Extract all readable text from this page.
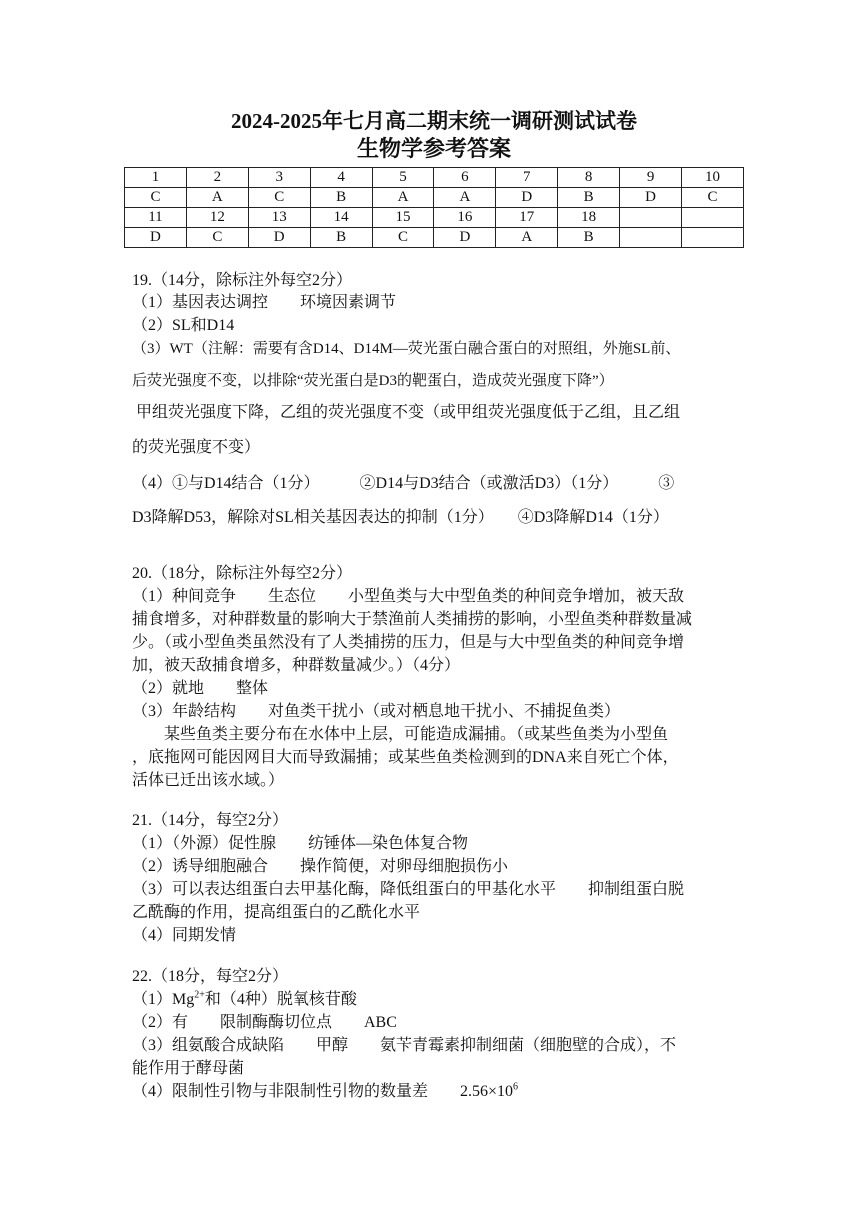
2024-2025年七月高二期末统一调研测试试卷
生物学参考答案
1	2	3	4	5	6	7	8	9	10
C	A	C	B	A	A	D	B	D	C
11	12	13	14	15	16	17	18		
D	C	D	B	C	D	A	B		
19.（14分，除标注外每空2分）
（1）基因表达调控　　环境因素调节
（2）SL和D14
（3）WT（注解：需要有含D14、D14M—荧光蛋白融合蛋白的对照组，外施SL前、
后荧光强度不变，以排除“荧光蛋白是D3的靶蛋白，造成荧光强度下降”）
甲组荧光强度下降，乙组的荧光强度不变（或甲组荧光强度低于乙组，且乙组
的荧光强度不变）
（4）①与D14结合（1分）　　　②D14与D3结合（或激活D3）（1分）　　　③
D3降解D53，解除对SL相关基因表达的抑制（1分）　　④D3降解D14（1分）
20.（18分，除标注外每空2分）
（1）种间竞争　　生态位　　小型鱼类与大中型鱼类的种间竞争增加，被天敌
捕食增多，对种群数量的影响大于禁渔前人类捕捞的影响，小型鱼类种群数量减
少。（或小型鱼类虽然没有了人类捕捞的压力，但是与大中型鱼类的种间竞争增
加，被天敌捕食增多，种群数量减少。）（4分）
（2）就地　　整体
（3）年龄结构　　对鱼类干扰小（或对栖息地干扰小、不捕捉鱼类）
　　某些鱼类主要分布在水体中上层，可能造成漏捕。（或某些鱼类为小型鱼
，底拖网可能因网目大而导致漏捕；或某些鱼类检测到的DNA来自死亡个体，
活体已迁出该水域。）
21.（14分，每空2分）
（1）（外源）促性腺　　纺锤体—染色体复合物
（2）诱导细胞融合　　操作简便，对卵母细胞损伤小
（3）可以表达组蛋白去甲基化酶，降低组蛋白的甲基化水平　　抑制组蛋白脱
乙酰酶的作用，提高组蛋白的乙酰化水平
（4）同期发情
22.（18分，每空2分）
$(1)Mg^{2+}$和（4种）脱氧核苷酸
（2）有　　限制酶酶切位点　　ABC
（3）组氨酸合成缺陷　　甲醇　　氨苄青霉素抑制细菌（细胞壁的合成），不
能作用于酵母菌
（4）限制性引物与非限制性引物的数量差　　$2.56\times 10^6$
